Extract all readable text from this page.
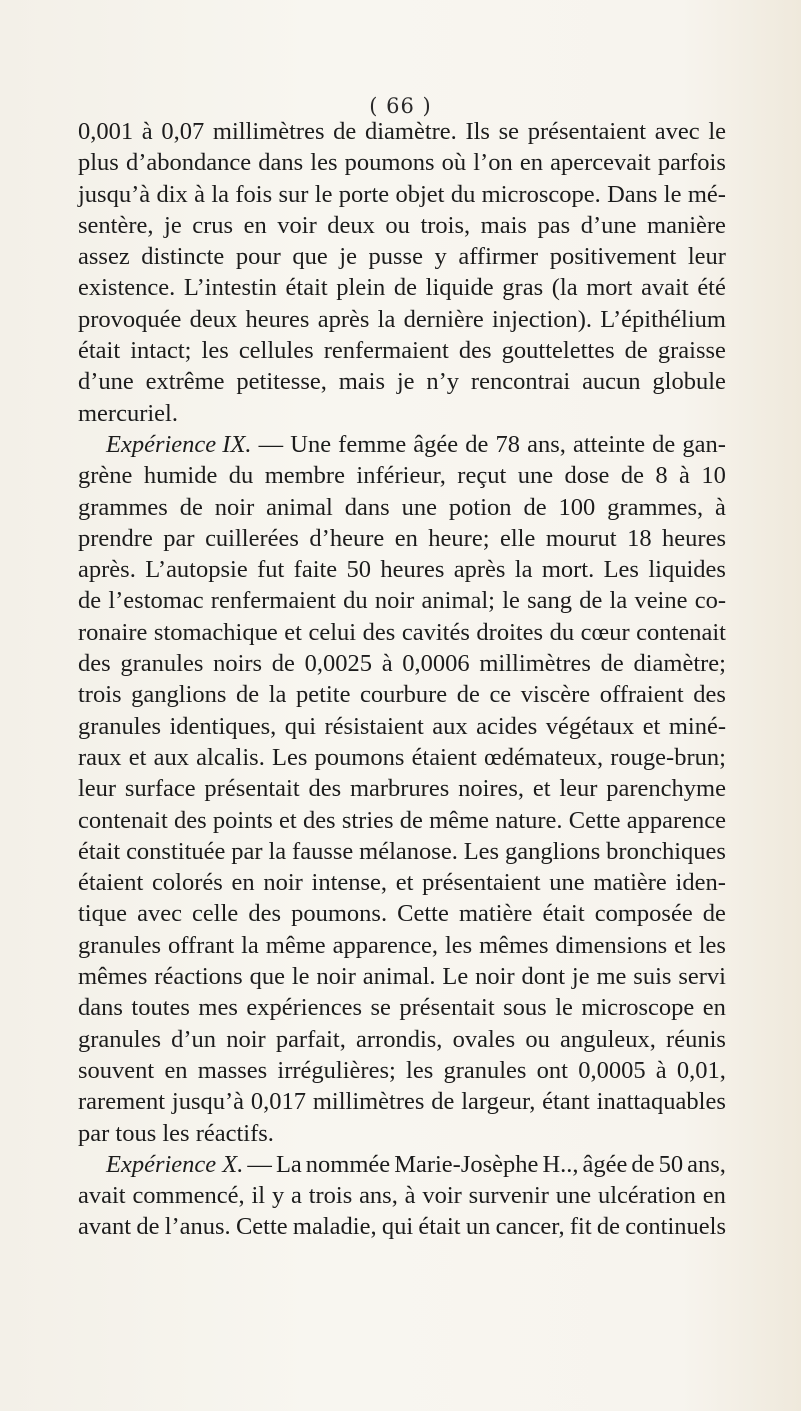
( 66 )
0,001 à 0,07 millimètres de diamètre. Ils se présentaient avec le
plus d’abondance dans les poumons où l’on en apercevait parfois
jusqu’à dix à la fois sur le porte objet du microscope. Dans le mé-
sentère, je crus en voir deux ou trois, mais pas d’une manière
assez distincte pour que je pusse y affirmer positivement leur
existence. L’intestin était plein de liquide gras (la mort avait été
provoquée deux heures après la dernière injection). L’épithélium
était intact; les cellules renfermaient des gouttelettes de graisse
d’une extrême petitesse, mais je n’y rencontrai aucun globule
mercuriel.
Expérience IX. — Une femme âgée de 78 ans, atteinte de gan-
grène humide du membre inférieur, reçut une dose de 8 à 10
grammes de noir animal dans une potion de 100 grammes, à
prendre par cuillerées d’heure en heure; elle mourut 18 heures
après. L’autopsie fut faite 50 heures après la mort. Les liquides
de l’estomac renfermaient du noir animal; le sang de la veine co-
ronaire stomachique et celui des cavités droites du cœur contenait
des granules noirs de 0,0025 à 0,0006 millimètres de diamètre;
trois ganglions de la petite courbure de ce viscère offraient des
granules identiques, qui résistaient aux acides végétaux et miné-
raux et aux alcalis. Les poumons étaient œdémateux, rouge-brun;
leur surface présentait des marbrures noires, et leur parenchyme
contenait des points et des stries de même nature. Cette apparence
était constituée par la fausse mélanose. Les ganglions bronchiques
étaient colorés en noir intense, et présentaient une matière iden-
tique avec celle des poumons. Cette matière était composée de
granules offrant la même apparence, les mêmes dimensions et les
mêmes réactions que le noir animal. Le noir dont je me suis servi
dans toutes mes expériences se présentait sous le microscope en
granules d’un noir parfait, arrondis, ovales ou anguleux, réunis
souvent en masses irrégulières; les granules ont 0,0005 à 0,01,
rarement jusqu’à 0,017 millimètres de largeur, étant inattaquables
par tous les réactifs.
Expérience X. — La nommée Marie-Josèphe H.., âgée de 50 ans,
avait commencé, il y a trois ans, à voir survenir une ulcération en
avant de l’anus. Cette maladie, qui était un cancer, fit de continuels
